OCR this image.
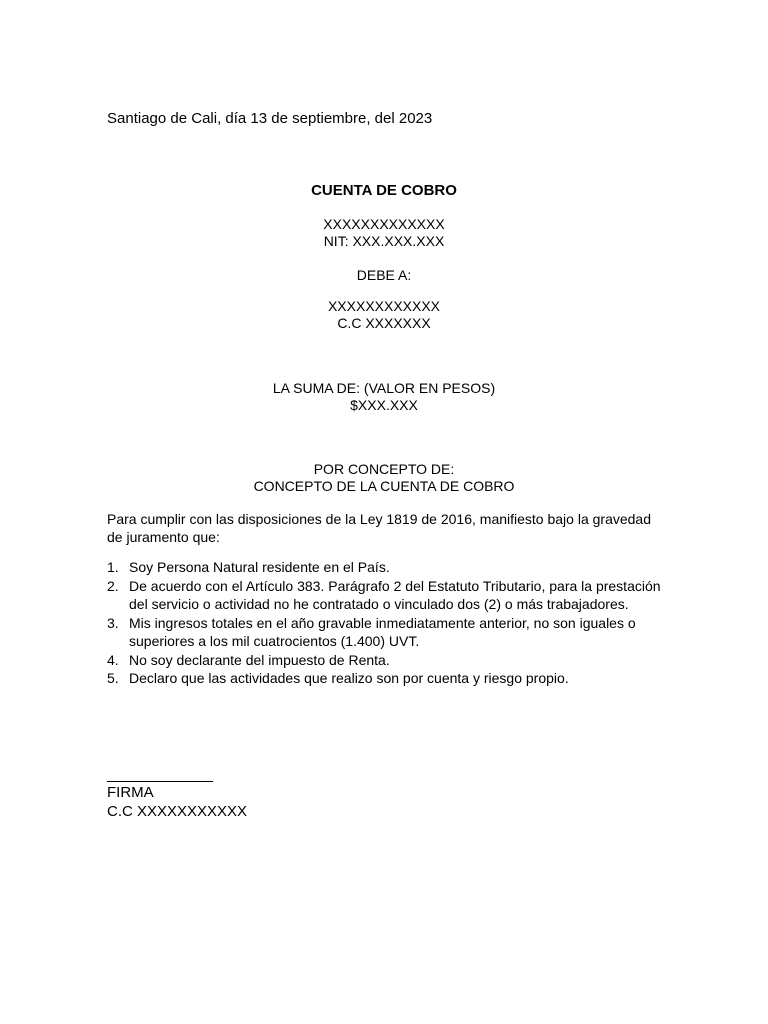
Santiago de Cali, día 13 de septiembre, del 2023
CUENTA DE COBRO
XXXXXXXXXXXXX
NIT: XXX.XXX.XXX
DEBE A:
XXXXXXXXXXXX
C.C XXXXXXX
LA SUMA DE: (VALOR EN PESOS)
$XXX.XXX
POR CONCEPTO DE:
CONCEPTO DE LA CUENTA DE COBRO
Para cumplir con las disposiciones de la Ley 1819 de 2016, manifiesto bajo la gravedad de juramento que:
1. Soy Persona Natural residente en el País.
2. De acuerdo con el Artículo 383. Parágrafo 2 del Estatuto Tributario, para la prestación del servicio o actividad no he contratado o vinculado dos (2) o más trabajadores.
3. Mis ingresos totales en el año gravable inmediatamente anterior, no son iguales o superiores a los mil cuatrocientos (1.400) UVT.
4. No soy declarante del impuesto de Renta.
5. Declaro que las actividades que realizo son por cuenta y riesgo propio.
FIRMA
C.C XXXXXXXXXXX
